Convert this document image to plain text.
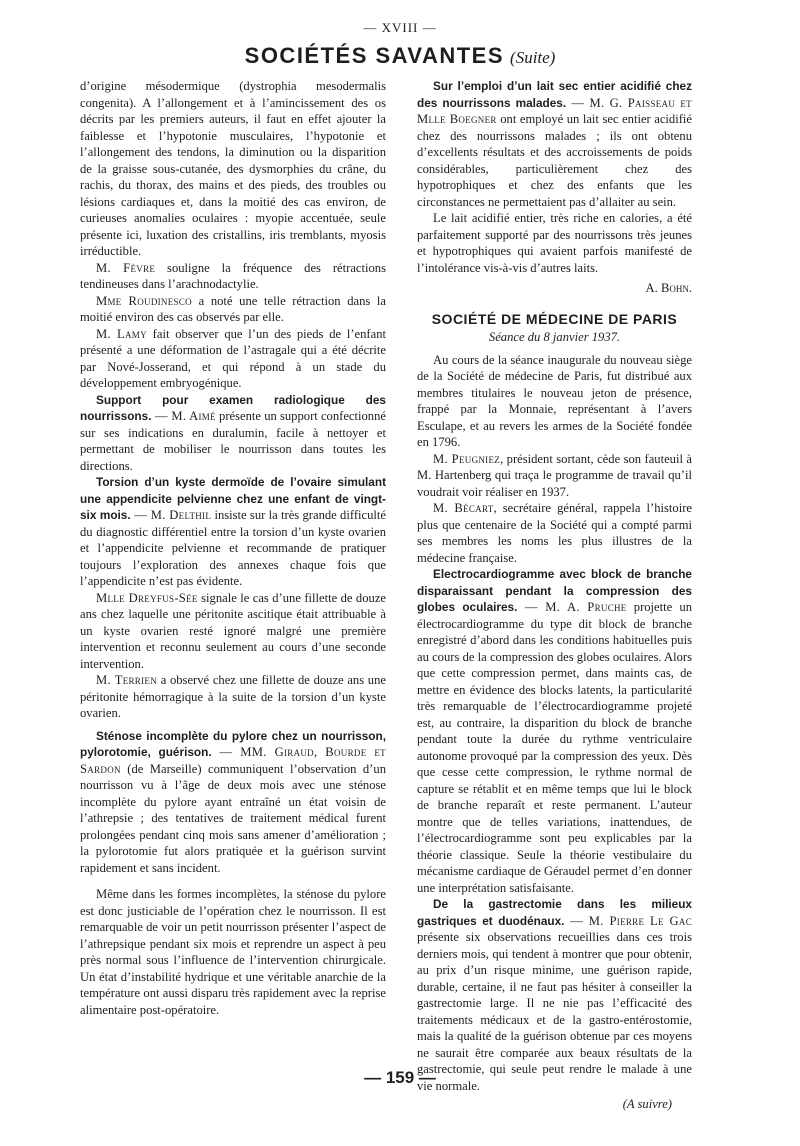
— XVIII —
SOCIÉTÉS SAVANTES (Suite)

d’origine mésodermique (dystrophia mesodermalis congenita). A l’allongement et à l’amincissement des os décrits par les premiers auteurs, il faut en effet ajouter la faiblesse et l’hypotonie musculaires, l’hypotonie et l’allongement des tendons, la diminution ou la disparition de la graisse sous-cutanée, des dysmorphies du crâne, du rachis, du thorax, des mains et des pieds, des troubles ou lésions cardiaques et, dans la moitié des cas environ, de curieuses anomalies oculaires : myopie accentuée, seule présente ici, luxation des cristallins, iris tremblants, myosis irréductible.

M. Fèvre souligne la fréquence des rétractions tendineuses dans l’arachnodactylie.

Mme Roudinesco a noté une telle rétraction dans la moitié environ des cas observés par elle.

M. Lamy fait observer que l’un des pieds de l’enfant présenté a une déformation de l’astragale qui a été décrite par Nové-Josserand, et qui répond à un stade du développement embryogénique.

Support pour examen radiologique des nourrissons. — M. Aimé présente un support confectionné sur ses indications en duralumin, facile à nettoyer et permettant de mobiliser le nourrisson dans toutes les directions.

Torsion d’un kyste dermoïde de l’ovaire simulant une appendicite pelvienne chez une enfant de vingt-six mois. — M. Delthil insiste sur la très grande difficulté du diagnostic différentiel entre la torsion d’un kyste ovarien et l’appendicite pelvienne et recommande de pratiquer toujours l’exploration des annexes chaque fois que l’appendicite n’est pas évidente.

Mlle Dreyfus-Sée signale le cas d’une fillette de douze ans chez laquelle une péritonite ascitique était attribuable à un kyste ovarien resté ignoré malgré une première intervention et reconnu seulement au cours d’une seconde intervention.

M. Terrien a observé chez une fillette de douze ans une péritonite hémorragique à la suite de la torsion d’un kyste ovarien.

Sténose incomplète du pylore chez un nourrisson, pylorotomie, guérison. — MM. Giraud, Bourde et Sardon (de Marseille) communiquent l’observation d’un nourrisson vu à l’âge de deux mois avec une sténose incomplète du pylore ayant entraîné un état voisin de l’athrepsie ; des tentatives de traitement médical furent prolongées pendant cinq mois sans amener d’amélioration ; la pylorotomie fut alors pratiquée et la guérison survint rapidement et sans incident.

Même dans les formes incomplètes, la sténose du pylore est donc justiciable de l’opération chez le nourrisson. Il est remarquable de voir un petit nourrisson présenter l’aspect de l’athrepsique pendant six mois et reprendre un aspect à peu près normal sous l’influence de l’intervention chirurgicale. Un état d’instabilité hydrique et une véritable anarchie de la température ont aussi disparu très rapidement avec la reprise alimentaire post-opératoire.

Sur l’emploi d’un lait sec entier acidifié chez des nourrissons malades. — M. G. Paisseau et Mlle Boegner ont employé un lait sec entier acidifié chez des nourrissons malades ; ils ont obtenu d’excellents résultats et des accroissements de poids considérables, particulièrement chez des hypotrophiques et chez des enfants que les circonstances ne permettaient pas d’allaiter au sein.

Le lait acidifié entier, très riche en calories, a été parfaitement supporté par des nourrissons très jeunes et hypotrophiques qui avaient parfois manifesté de l’intolérance vis-à-vis d’autres laits.

A. Bohn.
SOCIÉTÉ DE MÉDECINE DE PARIS
Séance du 8 janvier 1937.

Au cours de la séance inaugurale du nouveau siège de la Société de médecine de Paris, fut distribué aux membres titulaires le nouveau jeton de présence, frappé par la Monnaie, représentant à l’avers Esculape, et au revers les armes de la Société fondée en 1796.

M. Peugniez, président sortant, cède son fauteuil à M. Hartenberg qui traça le programme de travail qu’il voudrait voir réaliser en 1937.

M. Bécart, secrétaire général, rappela l’histoire plus que centenaire de la Société qui a compté parmi ses membres les noms les plus illustres de la médecine française.

Electrocardiogramme avec block de branche disparaissant pendant la compression des globes oculaires. — M. A. Pruche projette un électrocardiogramme du type dit block de branche enregistré d’abord dans les conditions habituelles puis au cours de la compression des globes oculaires. Alors que cette compression permet, dans maints cas, de mettre en évidence des blocks latents, la particularité très remarquable de l’électrocardiogramme projeté est, au contraire, la disparition du block de branche pendant toute la durée du rythme ventriculaire autonome provoqué par la compression des yeux. Dès que cesse cette compression, le rythme normal de capture se rétablit et en même temps que lui le block de branche reparaît et reste permanent. L’auteur montre que de telles variations, inattendues, de l’électrocardiogramme sont peu explicables par la théorie classique. Seule la théorie vestibulaire du mécanisme cardiaque de Géraudel permet d’en donner une interprétation satisfaisante.

De la gastrectomie dans les milieux gastriques et duodénaux. — M. Pierre Le Gac présente six observations recueillies dans ces trois derniers mois, qui tendent à montrer que pour obtenir, au prix d’un risque minime, une guérison rapide, durable, certaine, il ne faut pas hésiter à conseiller la gastrectomie large. Il ne nie pas l’efficacité des traitements médicaux et de la gastro-entérostomie, mais la qualité de la guérison obtenue par ces moyens ne saurait être comparée aux beaux résultats de la gastrectomie, qui seule peut rendre le malade à une vie normale.

(A suivre)
— 159 —
